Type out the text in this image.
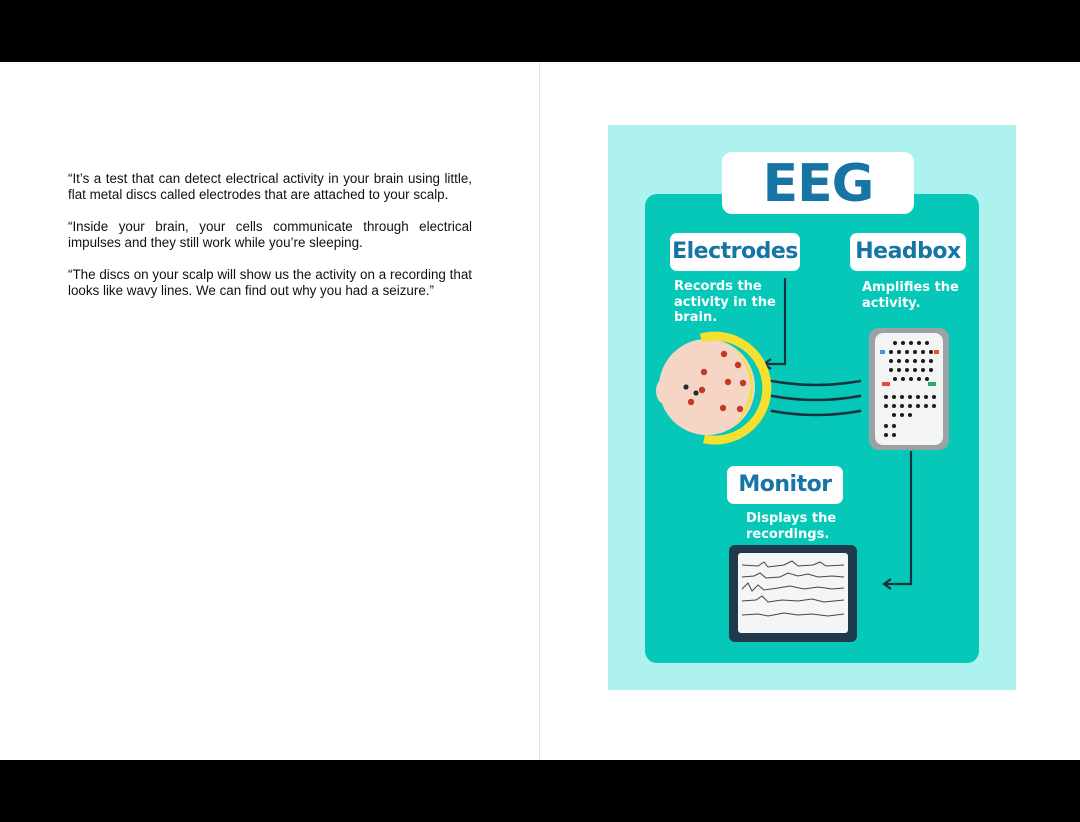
“It’s a test that can detect electrical activity in your brain using little, flat metal discs called electrodes that are attached to your scalp.

“Inside your brain, your cells communicate through electrical impulses and they still work while you’re sleeping.

“The discs on your scalp will show us the activity on a recording that looks like wavy lines. We can find out why you had a seizure.”

EEG
Electrodes
Records the activity in the brain.
Headbox
Amplifies the activity.
Monitor
Displays the recordings.
